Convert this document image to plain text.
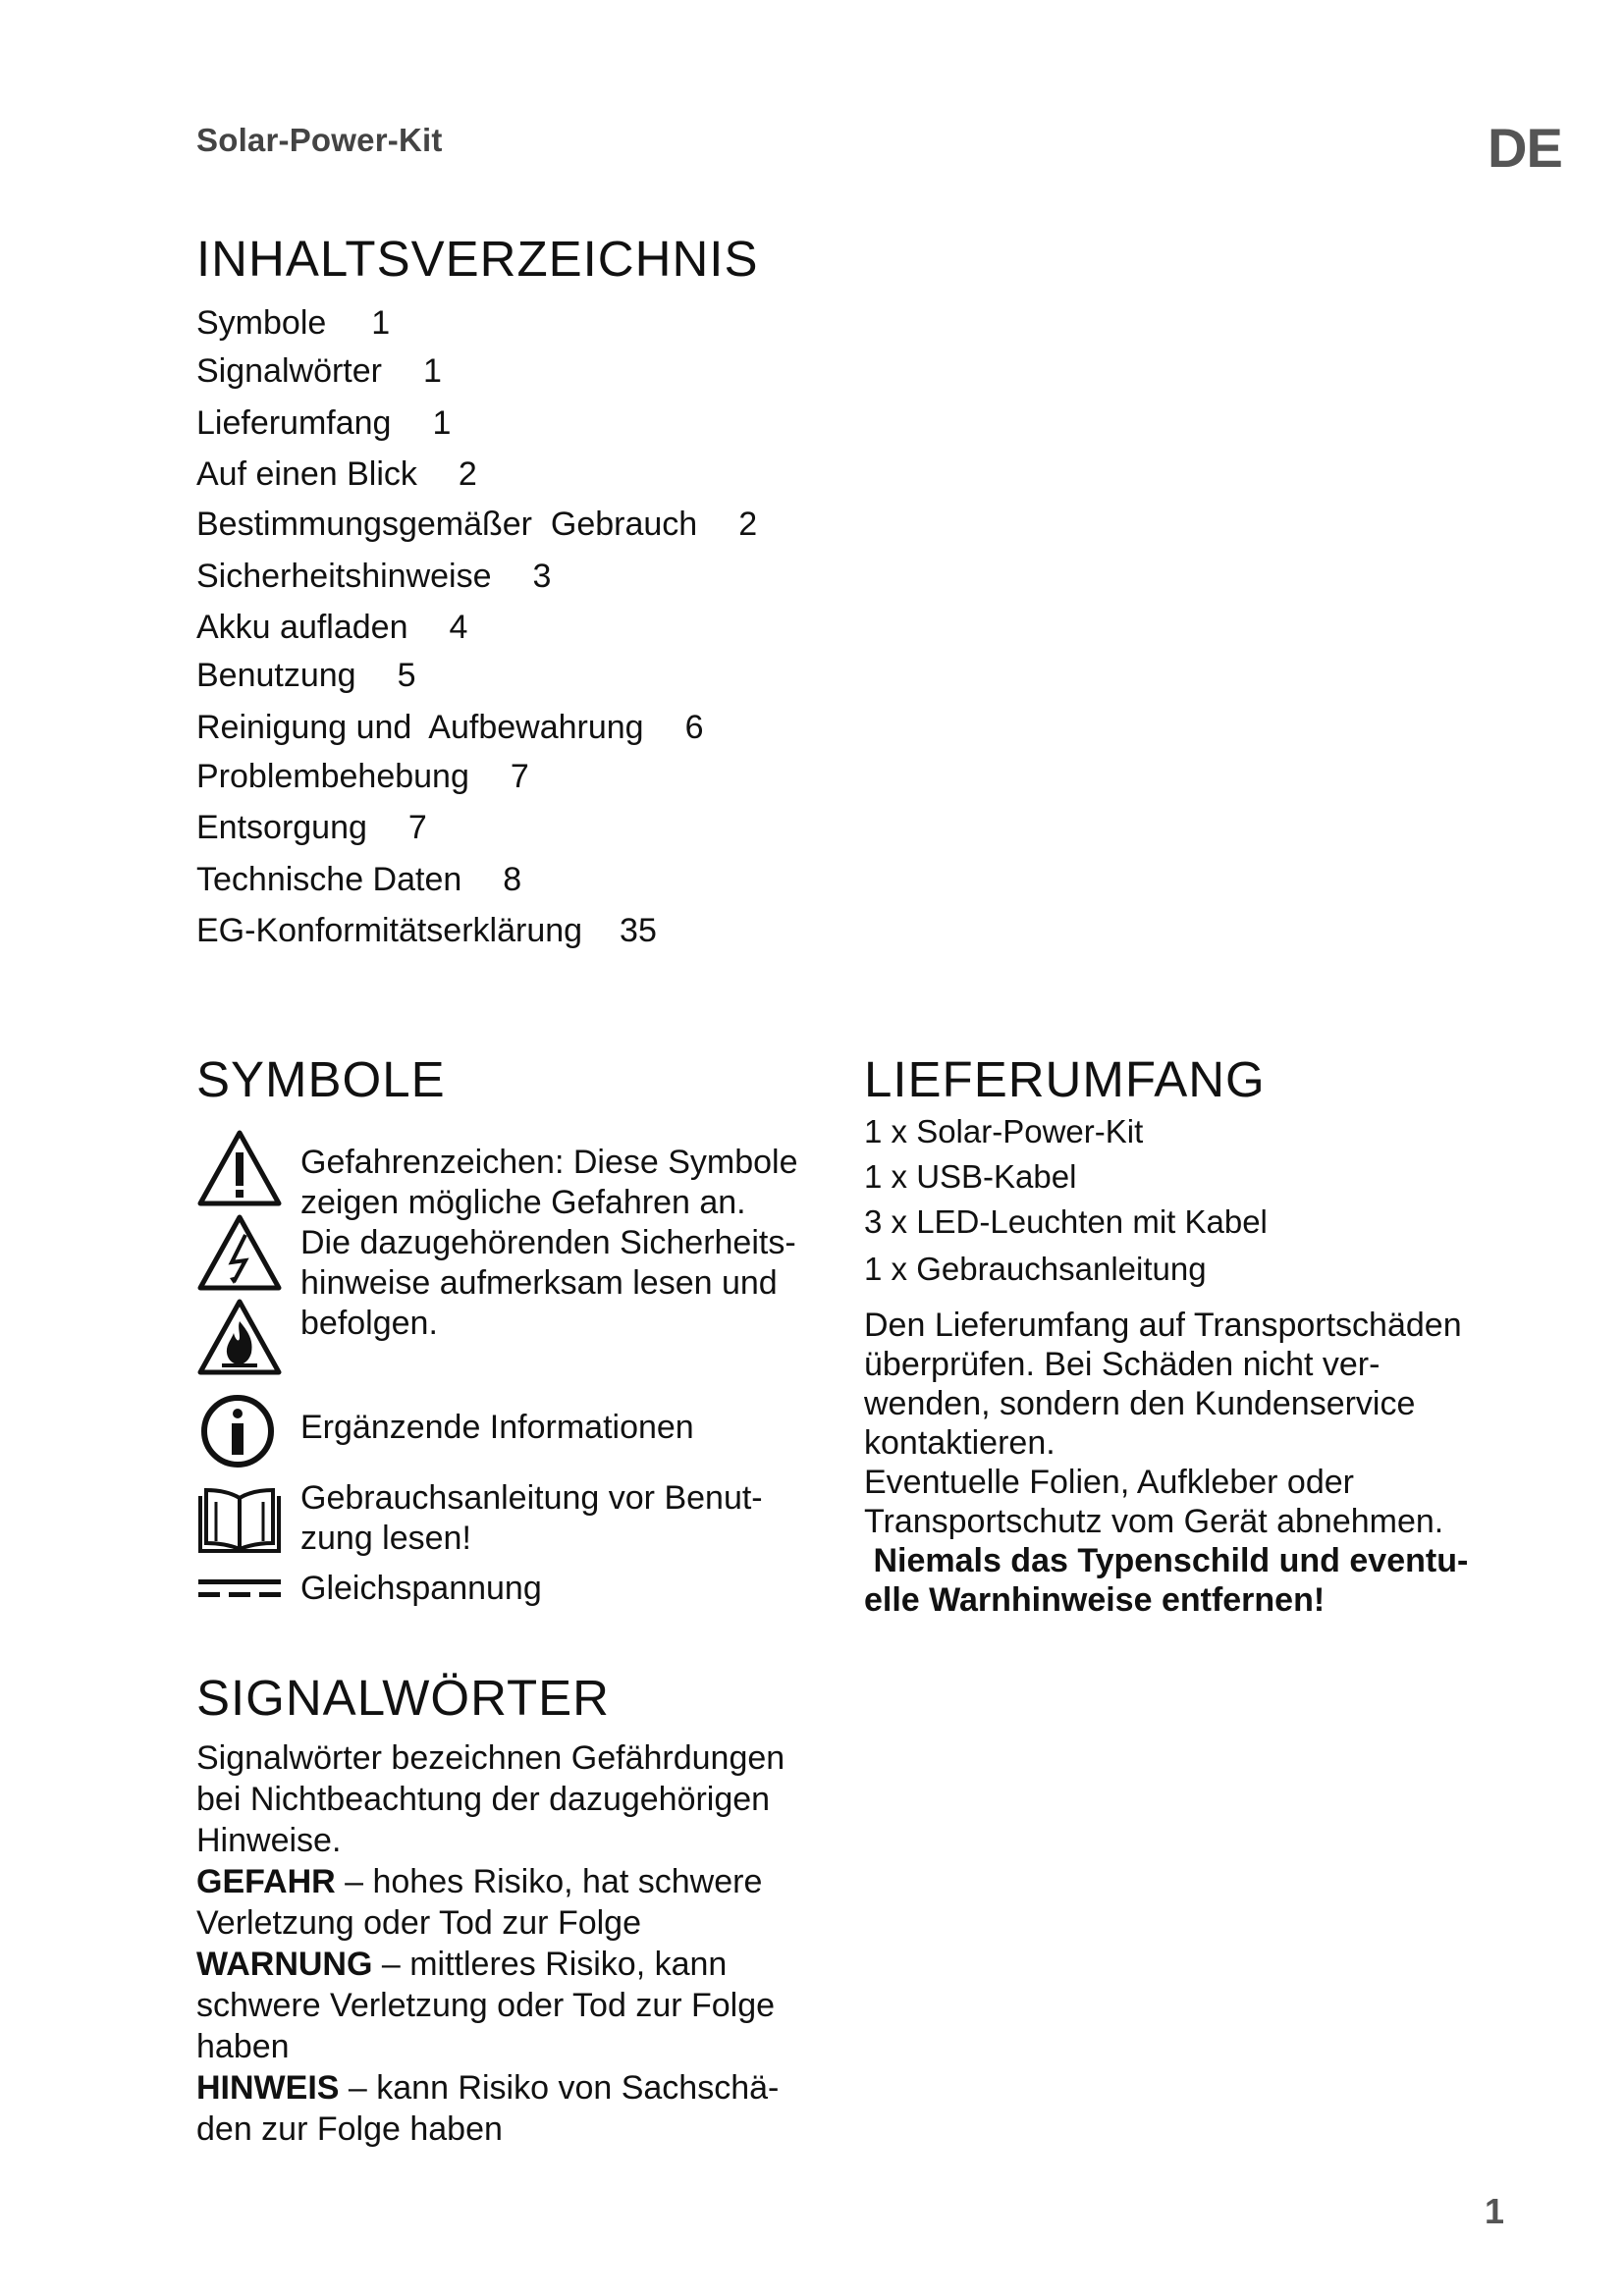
Solar-Power-Kit	DE
INHALTSVERZEICHNIS
Symbole 1
Signalwörter 1
Lieferumfang 1
Auf einen Blick 2
Bestimmungsgemäßer  Gebrauch 2
Sicherheitshinweise 3
Akku aufladen 4
Benutzung 5
Reinigung und  Aufbewahrung 6
Problembehebung 7
Entsorgung 7
Technische Daten 8
EG-Konformitätserklärung 35
SYMBOLE
Gefahrenzeichen: Diese Symbole
zeigen mögliche Gefahren an.
Die dazugehörenden Sicherheits-
hinweise aufmerksam lesen und
befolgen.
Ergänzende Informationen
Gebrauchsanleitung vor Benut-
zung lesen!
Gleichspannung
SIGNALWÖRTER
Signalwörter bezeichnen Gefährdungen
bei Nichtbeachtung der dazugehörigen
Hinweise.
GEFAHR – hohes Risiko, hat schwere
Verletzung oder Tod zur Folge
WARNUNG – mittleres Risiko, kann
schwere Verletzung oder Tod zur Folge
haben
HINWEIS – kann Risiko von Sachschä-
den zur Folge haben
LIEFERUMFANG
1 x Solar-Power-Kit
1 x USB-Kabel
3 x LED-Leuchten mit Kabel
1 x Gebrauchsanleitung
Den Lieferumfang auf Transportschäden
überprüfen. Bei Schäden nicht ver-
wenden, sondern den Kundenservice
kontaktieren.
Eventuelle Folien, Aufkleber oder
Transportschutz vom Gerät abnehmen.
Niemals das Typenschild und eventu-
elle Warnhinweise entfernen!
1
